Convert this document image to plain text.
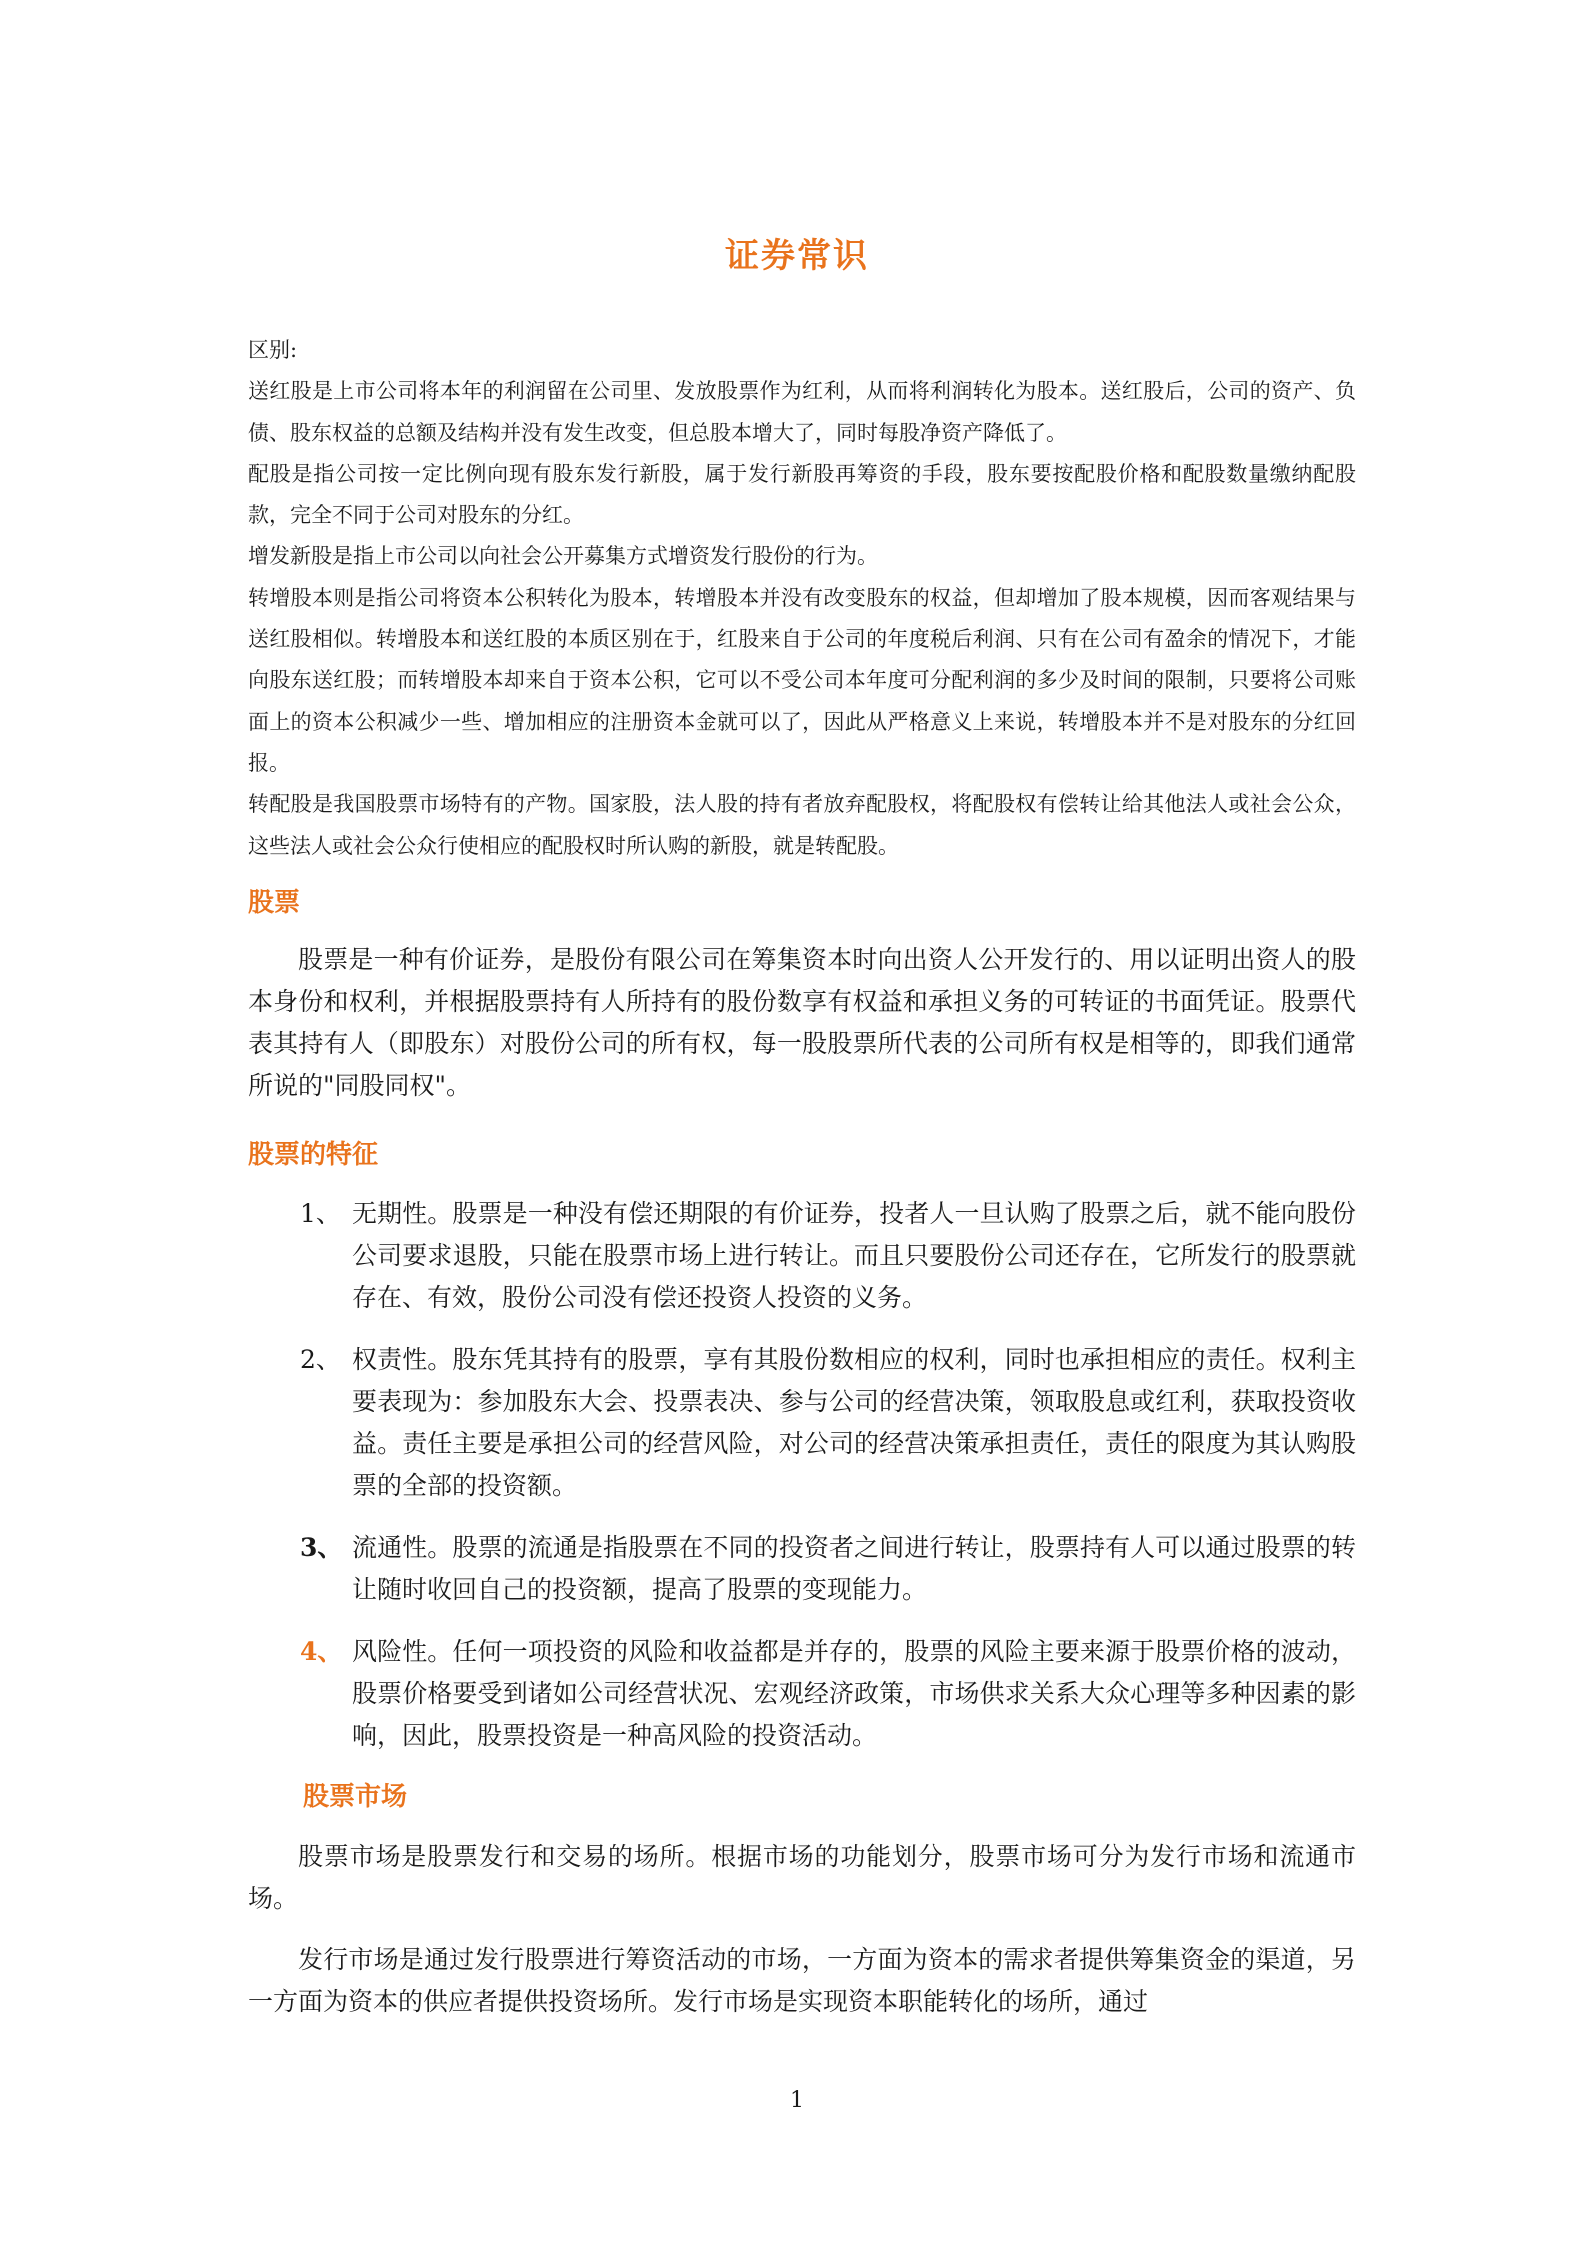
证券常识

区别:

送红股是上市公司将本年的利润留在公司里、发放股票作为红利，从而将利润转化为股本。送红股后，公司的资产、负债、股东权益的总额及结构并没有发生改变，但总股本增大了，同时每股净资产降低了。

配股是指公司按一定比例向现有股东发行新股，属于发行新股再筹资的手段，股东要按配股价格和配股数量缴纳配股款，完全不同于公司对股东的分红。

增发新股是指上市公司以向社会公开募集方式增资发行股份的行为。

转增股本则是指公司将资本公积转化为股本，转增股本并没有改变股东的权益，但却增加了股本规模，因而客观结果与送红股相似。转增股本和送红股的本质区别在于，红股来自于公司的年度税后利润、只有在公司有盈余的情况下，才能向股东送红股；而转增股本却来自于资本公积，它可以不受公司本年度可分配利润的多少及时间的限制，只要将公司账面上的资本公积减少一些、增加相应的注册资本金就可以了，因此从严格意义上来说，转增股本并不是对股东的分红回报。

转配股是我国股票市场特有的产物。国家股，法人股的持有者放弃配股权，将配股权有偿转让给其他法人或社会公众，这些法人或社会公众行使相应的配股权时所认购的新股，就是转配股。

股票

股票是一种有价证券，是股份有限公司在筹集资本时向出资人公开发行的、用以证明出资人的股本身份和权利，并根据股票持有人所持有的股份数享有权益和承担义务的可转证的书面凭证。股票代表其持有人（即股东）对股份公司的所有权，每一股股票所代表的公司所有权是相等的，即我们通常所说的"同股同权"。

股票的特征
1、 无期性。股票是一种没有偿还期限的有价证券，投者人一旦认购了股票之后，就不能向股份公司要求退股，只能在股票市场上进行转让。而且只要股份公司还存在，它所发行的股票就存在、有效，股份公司没有偿还投资人投资的义务。
2、 权责性。股东凭其持有的股票，享有其股份数相应的权利，同时也承担相应的责任。权利主要表现为：参加股东大会、投票表决、参与公司的经营决策，领取股息或红利，获取投资收益。责任主要是承担公司的经营风险，对公司的经营决策承担责任，责任的限度为其认购股票的全部的投资额。
3、 流通性。股票的流通是指股票在不同的投资者之间进行转让，股票持有人可以通过股票的转让随时收回自己的投资额，提高了股票的变现能力。
4、 风险性。任何一项投资的风险和收益都是并存的，股票的风险主要来源于股票价格的波动，股票价格要受到诸如公司经营状况、宏观经济政策，市场供求关系大众心理等多种因素的影响，因此，股票投资是一种高风险的投资活动。
股票市场

股票市场是股票发行和交易的场所。根据市场的功能划分，股票市场可分为发行市场和流通市场。

发行市场是通过发行股票进行筹资活动的市场，一方面为资本的需求者提供筹集资金的渠道，另一方面为资本的供应者提供投资场所。发行市场是实现资本职能转化的场所，通过

1
